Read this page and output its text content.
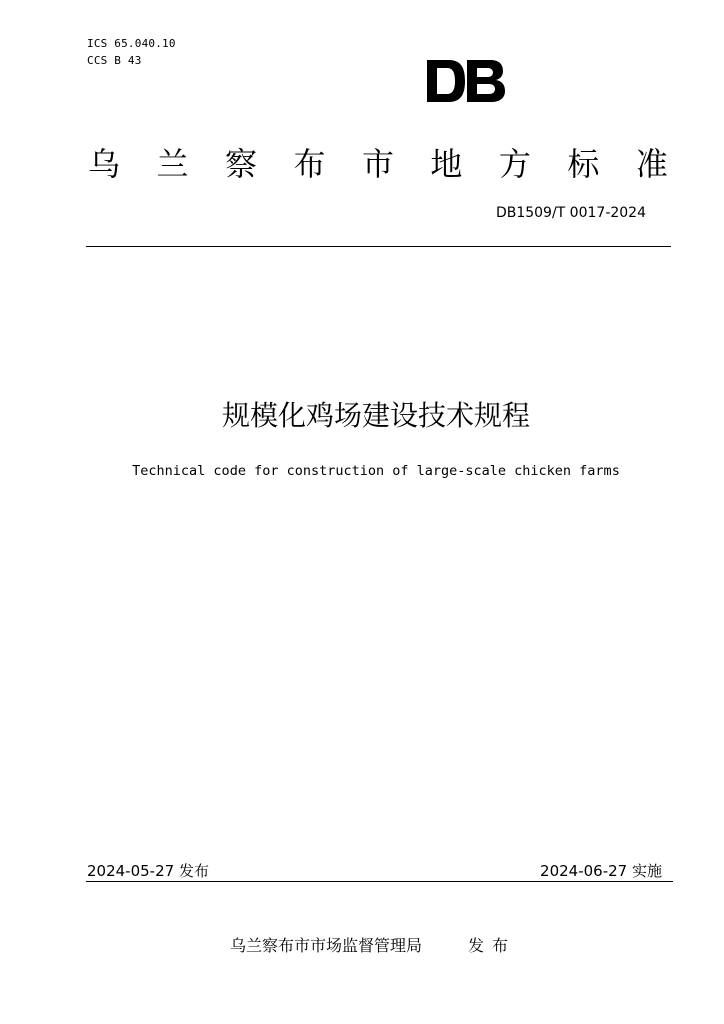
ICS 65.040.10
CCS B 43
乌 兰 察 布 市 地 方 标 准
DB1509/T 0017-2024
规模化鸡场建设技术规程
Technical code for construction of large-scale chicken farms
2024-05-27 发布	2024-06-27 实施
乌兰察布市市场监督管理局	发布
